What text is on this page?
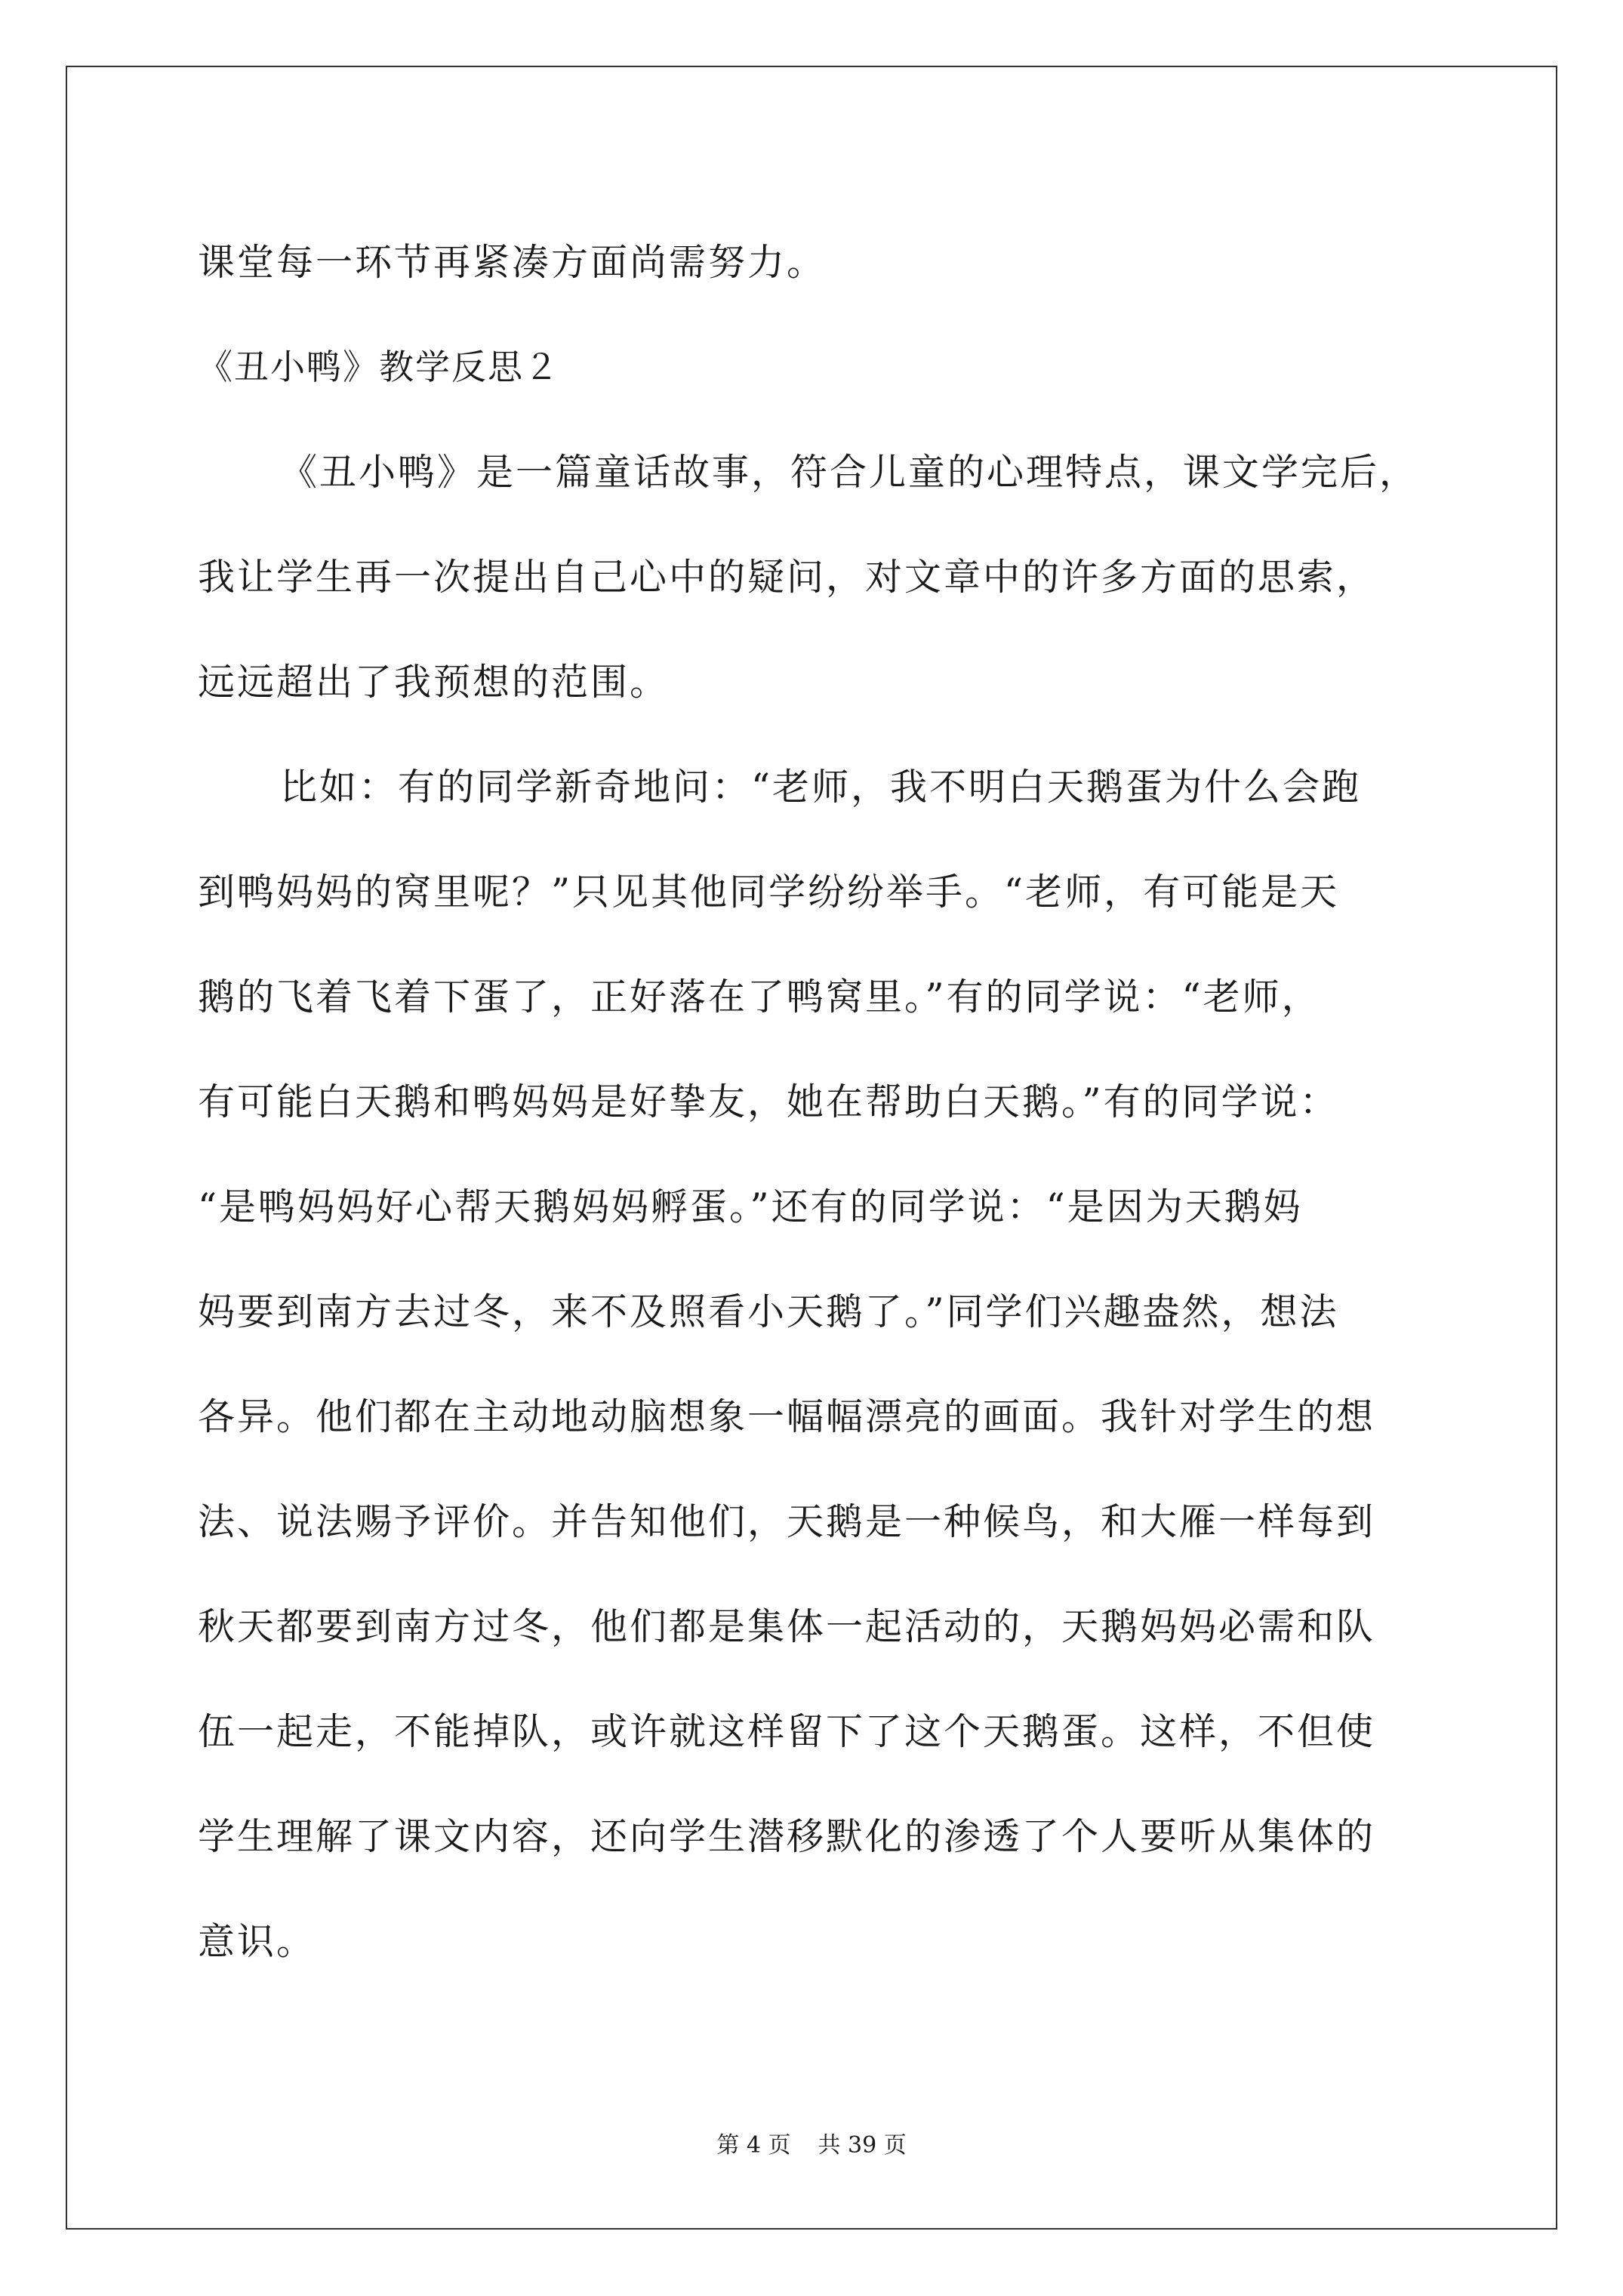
课堂每一环节再紧凑方面尚需努力。
《丑小鸭》教学反思２
《丑小鸭》是一篇童话故事，符合儿童的心理特点，课文学完后，
我让学生再一次提出自己心中的疑问，对文章中的许多方面的思索，
远远超出了我预想的范围。
比如：有的同学新奇地问：“老师，我不明白天鹅蛋为什么会跑
到鸭妈妈的窝里呢？”只见其他同学纷纷举手。“老师，有可能是天
鹅的飞着飞着下蛋了，正好落在了鸭窝里。”有的同学说：“老师，
有可能白天鹅和鸭妈妈是好挚友，她在帮助白天鹅。”有的同学说：
“是鸭妈妈好心帮天鹅妈妈孵蛋。”还有的同学说：“是因为天鹅妈
妈要到南方去过冬，来不及照看小天鹅了。”同学们兴趣盎然，想法
各异。他们都在主动地动脑想象一幅幅漂亮的画面。我针对学生的想
法、说法赐予评价。并告知他们，天鹅是一种候鸟，和大雁一样每到
秋天都要到南方过冬，他们都是集体一起活动的，天鹅妈妈必需和队
伍一起走，不能掉队，或许就这样留下了这个天鹅蛋。这样，不但使
学生理解了课文内容，还向学生潜移默化的渗透了个人要听从集体的
意识。
第 4 页 共 39 页
